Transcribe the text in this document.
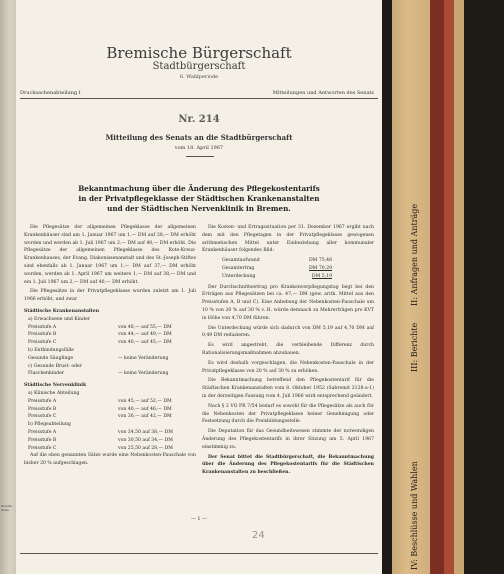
Drucks. Seite
Bremische Bürgerschaft
Stadtbürgerschaft
6. Wahlperiode
Drucksachenabteilung I	Mitteilungen und Antworten des Senats
Nr. 214
Mitteilung des Senats an die Stadtbürgerschaft
vom 18. April 1967
Bekanntmachung über die Änderung des Pflegekostentarifs
in der Privatpflegeklasse der Städtischen Krankenanstalten
und der Städtischen Nervenklinik in Bremen.

Die Pflegesätze der allgemeinen Pflegeklasse der allgemeinen Krankenhäuser sind am 1. Januar 1967 um 1,— DM auf 38,— DM erhöht worden und werden ab 1. Juli 1967 um 2,— DM auf 40,— DM erhöht. Die Pflegesätze der allgemeinen Pflegeklasse des Rote-Kreuz-Krankenhauses, der Evang. Diakonissenanstalt und des St.-Joseph-Stiftes sind ebenfalls ab 1. Januar 1967 um 1,— DM auf 37,— DM erhöht worden, werden ab 1. April 1967 um weitere 1,— DM auf 38,— DM und ein 1. Juli 1967 um 2,— DM auf 40,— DM erhöht.

Die Pflegesätze in der Privatpflegeklasse wurden zuletzt am 1. Juli 1966 erhöht, und zwar

Städtische Krankenanstalten
a) Erwachsene und Kinder
Preisstufe A	von 48,— auf 55,— DM
Preisstufe B	von 44,— auf 49,— DM
Preisstufe C	von 40,— auf 45,— DM
b) Entbindungsfälle
Gesunde Säuglinge	— keine Veränderung
c) Gesunde Brust- oder
Flaschenkinder	— keine Veränderung
Städtische Nervenklinik
a) Klinische Abteilung
Preisstufe A	von 45,— auf 52,— DM
Preisstufe B	von 40,— auf 46,— DM
Preisstufe C	von 36,— auf 42,— DM
b) Pflegeabteilung
Preisstufe A	von 34,50 auf 38,— DM
Preisstufe B	von 30,50 auf 34,— DM
Preisstufe C	von 25,50 auf 28,— DM

Auf die oben genannten Sätze wurde eine Nebenkosten-Pauschale von bisher 20 % aufgeschlagen.

Die Kosten- und Ertragssituation per 31. Dezember 1967 ergibt nach dem mit den Pflegetagen in der Privatpflegeklasse gewogenen arithmetischen Mittel unter Einbeziehung aller kommunaler Krankenhäuser folgendes Bild:

Gesamtaufwand	DM 75,48
Gesamtertrag	DM 70,29
Unterdeckung	DM 5,19

Der Durchschnittsertrag pro Krankenverpflegungstag liegt bei den Erträgen aus Pflegesätzen bei ca. 47,— DM (gew. arith. Mittel aus den Preisstufen A, B und C). Eine Anhebung der Nebenkosten-Pauschale um 10 % von 20 % auf 30 % v. H. würde demnach zu Mehrerträgen pro KVT in Höhe von 4,70 DM führen.

Die Unterdeckung würde sich dadurch von DM 5,19 auf 4,70 DM auf 0,49 DM reduzieren.

Es wird angestrebt, die verbleibende Differenz durch Rationalisierungsmaßnahmen abzubauen.

Es wird deshalb vorgeschlagen, die Nebenkosten-Pauschale in der Privatpflegeklasse von 20 % auf 30 % zu erhöhen.

Die Bekanntmachung betreffend den Pflegekostentarif für die Städtischen Krankenanstalten vom 8. Oktober 1952 (Sabremit 2128-a-1) in der derzeitigen Fassung vom 4. Juli 1966 wird entsprechend geändert.

Nach § 2 VO PR 7/54 bedarf es sowohl für die Pflegesätze als auch für die Nebenkosten der Privatpflegeklasse keiner Genehmigung oder Festsetzung durch die Preisbildungsstelle.

Die Deputation für das Gesundheitswesen stimmte der notwendigen Änderung des Pflegekostentarifs in ihrer Sitzung am 5. April 1967 einstimmig zu.

Der Senat bittet die Stadtbürgerschaft, die Bekanntmachung über die Änderung des Pflegekostentarifs für die Städtischen Krankenanstalten zu beschließen.

— 1 —
24
II: Anfragen und Anträge
III: Berichte
IV: Beschlüsse und Wahlen
